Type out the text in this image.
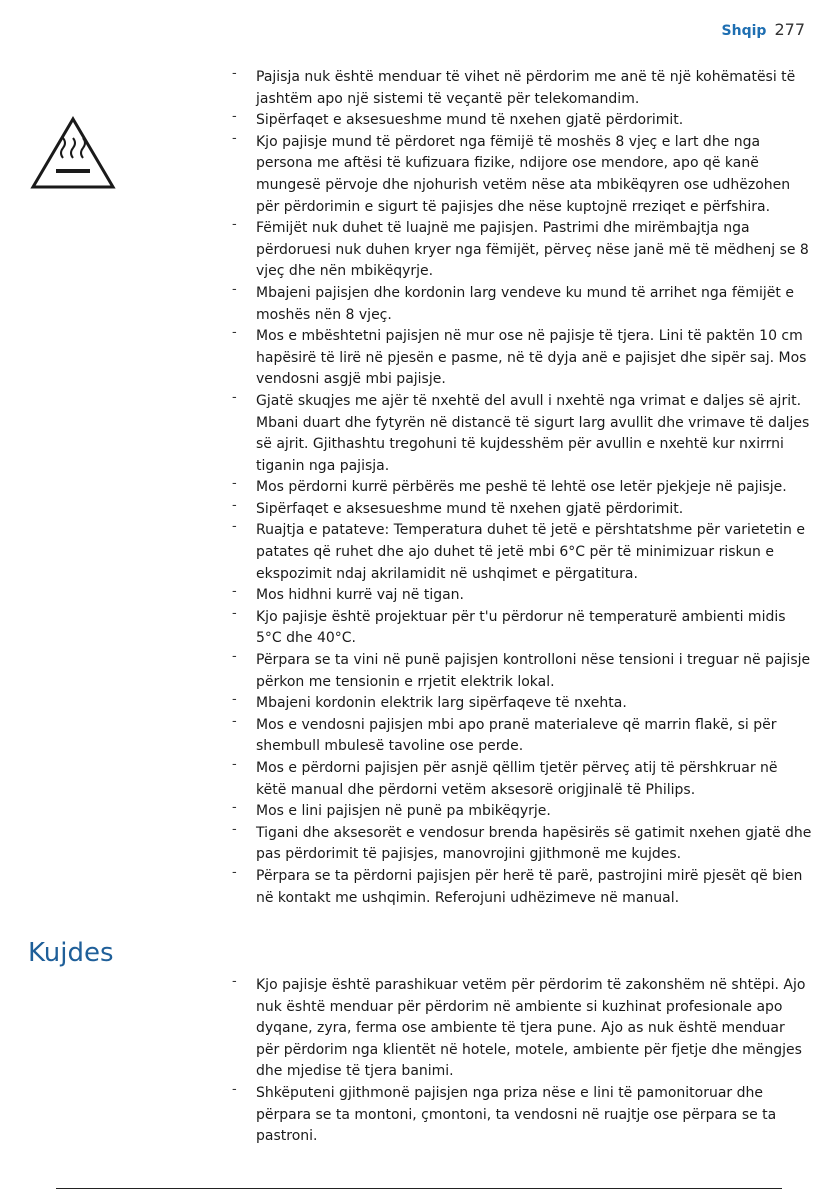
Shqip 277
- Pajisja nuk është menduar të vihet në përdorim me anë të një kohëmatësi të jashtëm apo një sistemi të veçantë për telekomandim.
- Sipërfaqet e aksesueshme mund të nxehen gjatë përdorimit.
- Kjo pajisje mund të përdoret nga fëmijë të moshës 8 vjeç e lart dhe nga persona me aftësi të kufizuara fizike, ndijore ose mendore, apo që kanë mungesë përvoje dhe njohurish vetëm nëse ata mbikëqyren ose udhëzohen për përdorimin e sigurt të pajisjes dhe nëse kuptojnë rreziqet e përfshira.
- Fëmijët nuk duhet të luajnë me pajisjen. Pastrimi dhe mirëmbajtja nga përdoruesi nuk duhen kryer nga fëmijët, përveç nëse janë më të mëdhenj se 8 vjeç dhe nën mbikëqyrje.
- Mbajeni pajisjen dhe kordonin larg vendeve ku mund të arrihet nga fëmijët e moshës nën 8 vjeç.
- Mos e mbështetni pajisjen në mur ose në pajisje të tjera. Lini të paktën 10 cm hapësirë të lirë në pjesën e pasme, në të dyja anë e pajisjet dhe sipër saj. Mos vendosni asgjë mbi pajisje.
- Gjatë skuqjes me ajër të nxehtë del avull i nxehtë nga vrimat e daljes së ajrit. Mbani duart dhe fytyrën në distancë të sigurt larg avullit dhe vrimave të daljes së ajrit. Gjithashtu tregohuni të kujdesshëm për avullin e nxehtë kur nxirrni tiganin nga pajisja.
- Mos përdorni kurrë përbërës me peshë të lehtë ose letër pjekjeje në pajisje.
- Sipërfaqet e aksesueshme mund të nxehen gjatë përdorimit.
- Ruajtja e patateve: Temperatura duhet të jetë e përshtatshme për varietetin e patates që ruhet dhe ajo duhet të jetë mbi 6°C për të minimizuar riskun e ekspozimit ndaj akrilamidit në ushqimet e përgatitura.
- Mos hidhni kurrë vaj në tigan.
- Kjo pajisje është projektuar për t'u përdorur në temperaturë ambienti midis 5°C dhe 40°C.
- Përpara se ta vini në punë pajisjen kontrolloni nëse tensioni i treguar në pajisje përkon me tensionin e rrjetit elektrik lokal.
- Mbajeni kordonin elektrik larg sipërfaqeve të nxehta.
- Mos e vendosni pajisjen mbi apo pranë materialeve që marrin flakë, si për shembull mbulesë tavoline ose perde.
- Mos e përdorni pajisjen për asnjë qëllim tjetër përveç atij të përshkruar në këtë manual dhe përdorni vetëm aksesorë origjinalë të Philips.
- Mos e lini pajisjen në punë pa mbikëqyrje.
- Tigani dhe aksesorët e vendosur brenda hapësirës së gatimit nxehen gjatë dhe pas përdorimit të pajisjes, manovrojini gjithmonë me kujdes.
- Përpara se ta përdorni pajisjen për herë të parë, pastrojini mirë pjesët që bien në kontakt me ushqimin. Referojuni udhëzimeve në manual.
Kujdes
- Kjo pajisje është parashikuar vetëm për përdorim të zakonshëm në shtëpi. Ajo nuk është menduar për përdorim në ambiente si kuzhinat profesionale apo dyqane, zyra, ferma ose ambiente të tjera pune. Ajo as nuk është menduar për përdorim nga klientët në hotele, motele, ambiente për fjetje dhe mëngjes dhe mjedise të tjera banimi.
- Shkëputeni gjithmonë pajisjen nga priza nëse e lini të pamonitoruar dhe përpara se ta montoni, çmontoni, ta vendosni në ruajtje ose përpara se ta pastroni.
